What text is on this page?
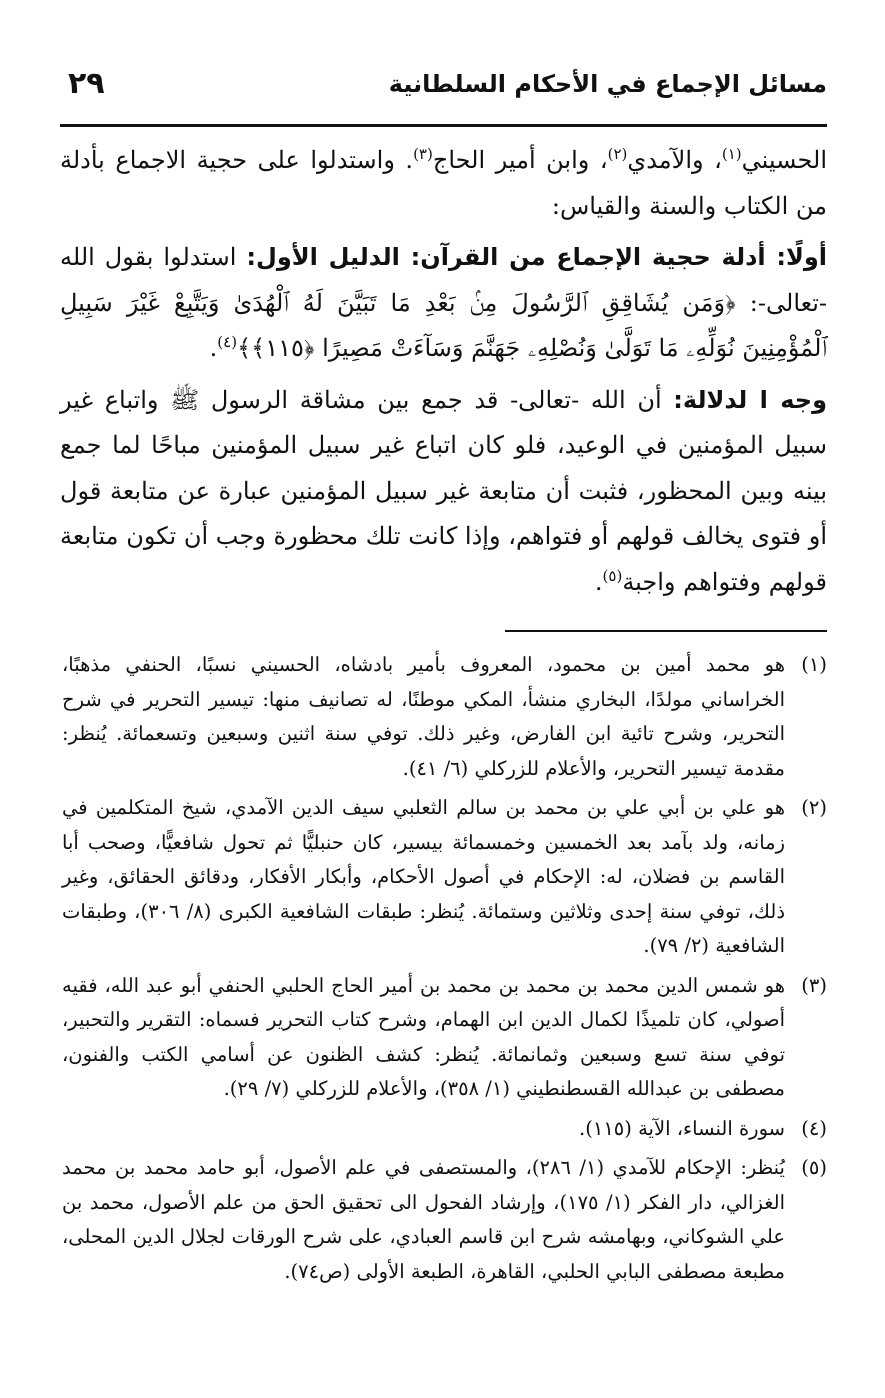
مسائل الإجماع في الأحكام السلطانية
٢٩

الحسيني$^{(١)}$، والآمدي$^{(٢)}$، وابن أمير الحاج$^{(٣)}$. واستدلوا على حجية الاجماع بأدلة من الكتاب والسنة والقياس:

أولًا: أدلة حجية الإجماع من القرآن: الدليل الأول: استدلوا بقول الله -تعالى-: ﴿وَمَن يُشَاقِقِ ٱلرَّسُولَ مِنۢ بَعْدِ مَا تَبَيَّنَ لَهُ ٱلْهُدَىٰ وَيَتَّبِعْ غَيْرَ سَبِيلِ ٱلْمُؤْمِنِينَ نُوَلِّهِۦ مَا تَوَلَّىٰ وَنُصْلِهِۦ جَهَنَّمَ وَسَآءَتْ مَصِيرًا ﴿١١٥﴾﴾$^{(٤)}$.

وجه ا لدلالة: أن الله -تعالى- قد جمع بين مشاقة الرسول ﷺ واتباع غير سبيل المؤمنين في الوعيد، فلو كان اتباع غير سبيل المؤمنين مباحًا لما جمع بينه وبين المحظور، فثبت أن متابعة غير سبيل المؤمنين عبارة عن متابعة قول أو فتوى يخالف قولهم أو فتواهم، وإذا كانت تلك محظورة وجب أن تكون متابعة قولهم وفتواهم واجبة$^{(٥)}$.

(١)
هو محمد أمين بن محمود، المعروف بأمير بادشاه، الحسيني نسبًا، الحنفي مذهبًا، الخراساني مولدًا، البخاري منشأ، المكي موطنًا، له تصانيف منها: تيسير التحرير في شرح التحرير، وشرح تائية ابن الفارض، وغير ذلك. توفي سنة اثنين وسبعين وتسعمائة. يُنظر: مقدمة تيسير التحرير، والأعلام للزركلي (٦/ ٤١).
(٢)
هو علي بن أبي علي بن محمد بن سالم الثعلبي سيف الدين الآمدي، شيخ المتكلمين في زمانه، ولد بآمد بعد الخمسين وخمسمائة بيسير، كان حنبليًّا ثم تحول شافعيًّا، وصحب أبا القاسم بن فضلان، له: الإحكام في أصول الأحكام، وأبكار الأفكار، ودقائق الحقائق، وغير ذلك، توفي سنة إحدى وثلاثين وستمائة. يُنظر: طبقات الشافعية الكبرى (٨/ ٣٠٦)، وطبقات الشافعية (٢/ ٧٩).
(٣)
هو شمس الدين محمد بن محمد بن محمد بن أمير الحاج الحلبي الحنفي أبو عبد الله، فقيه أصولي، كان تلميذًا لكمال الدين ابن الهمام، وشرح كتاب التحرير فسماه: التقرير والتحبير، توفي سنة تسع وسبعين وثمانمائة. يُنظر: كشف الظنون عن أسامي الكتب والفنون، مصطفى بن عبدالله القسطنطيني (١/ ٣٥٨)، والأعلام للزركلي (٧/ ٢٩).
(٤)
سورة النساء، الآية (١١٥).
(٥)
يُنظر: الإحكام للآمدي (١/ ٢٨٦)، والمستصفى في علم الأصول، أبو حامد محمد بن محمد الغزالي، دار الفكر (١/ ١٧٥)، وإرشاد الفحول الى تحقيق الحق من علم الأصول، محمد بن علي الشوكاني، وبهامشه شرح ابن قاسم العبادي، على شرح الورقات لجلال الدين المحلى، مطبعة مصطفى البابي الحلبي، القاهرة، الطبعة الأولى (ص٧٤).
